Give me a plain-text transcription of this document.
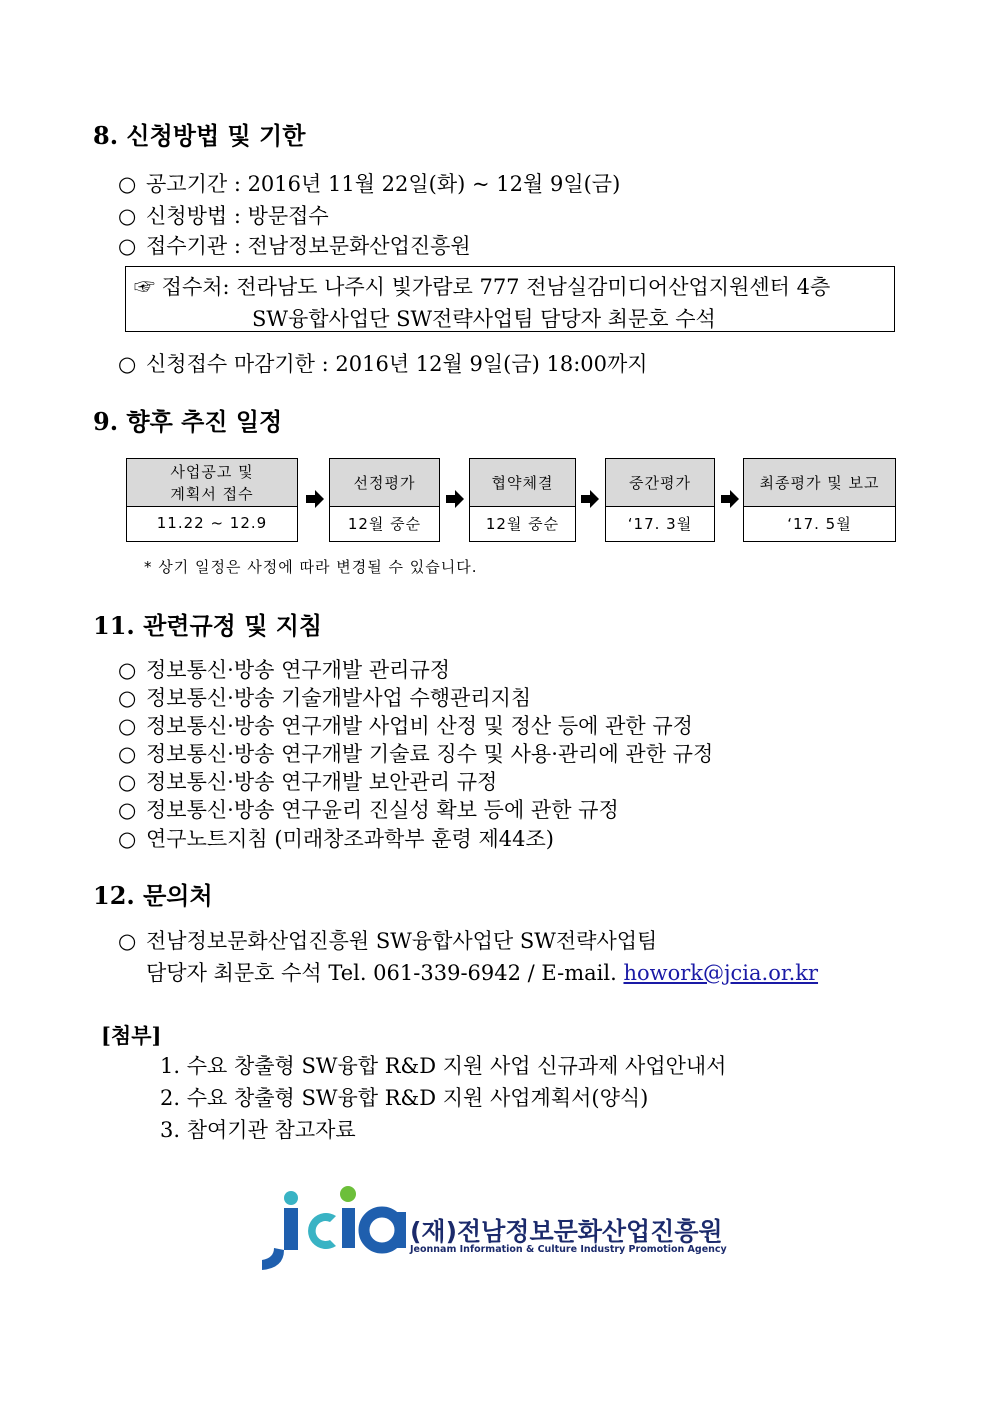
8. 신청방법 및 기한
○ 공고기간 : 2016년 11월 22일(화) ~ 12월 9일(금)
○ 신청방법 : 방문접수
○ 접수기관 : 전남정보문화산업진흥원
☞ 접수처: 전라남도 나주시 빛가람로 777 전남실감미디어산업지원센터 4층
SW융합사업단 SW전략사업팀 담당자 최문호 수석
○ 신청접수 마감기한 : 2016년 12월 9일(금) 18:00까지
9. 향후 추진 일정
사업공고 및
계획서 접수
11.22 ~ 12.9
선정평가
12월 중순
협약체결
12월 중순
중간평가
‘17. 3월
최종평가 및 보고
‘17. 5월
* 상기 일정은 사정에 따라 변경될 수 있습니다.
11. 관련규정 및 지침
○ 정보통신·방송 연구개발 관리규정
○ 정보통신·방송 기술개발사업 수행관리지침
○ 정보통신·방송 연구개발 사업비 산정 및 정산 등에 관한 규정
○ 정보통신·방송 연구개발 기술료 징수 및 사용·관리에 관한 규정
○ 정보통신·방송 연구개발 보안관리 규정
○ 정보통신·방송 연구윤리 진실성 확보 등에 관한 규정
○ 연구노트지침 (미래창조과학부 훈령 제44조)
12. 문의처
○ 전남정보문화산업진흥원 SW융합사업단 SW전략사업팀
담당자 최문호 수석 Tel. 061-339-6942 / E-mail. howork@jcia.or.kr
[첨부]
1. 수요 창출형 SW융합 R&D 지원 사업 신규과제 사업안내서
2. 수요 창출형 SW융합 R&D 지원 사업계획서(양식)
3. 참여기관 참고자료
(재)전남정보문화산업진흥원
Jeonnam Information & Culture Industry Promotion Agency
